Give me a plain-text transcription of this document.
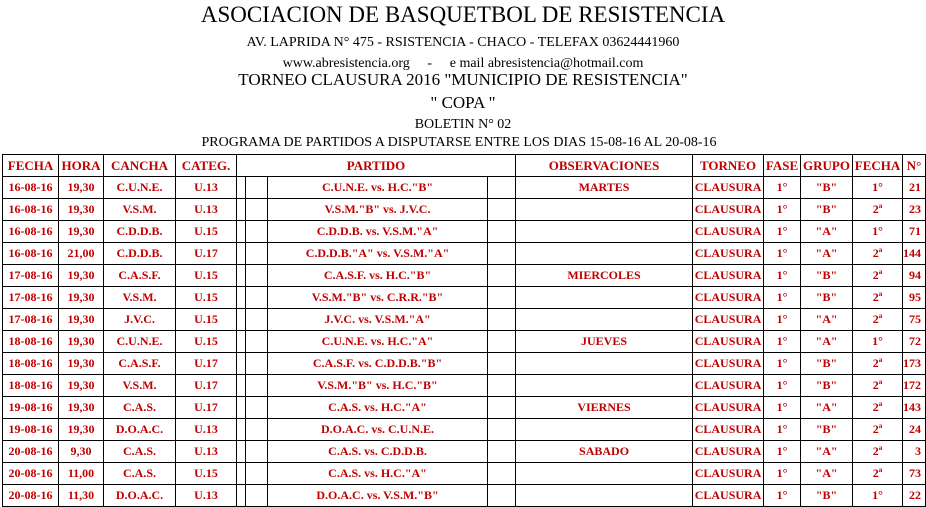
ASOCIACION DE BASQUETBOL DE RESISTENCIA
AV. LAPRIDA N° 475 - RSISTENCIA - CHACO - TELEFAX 03624441960
www.abresistencia.org - e mail abresistencia@hotmail.com
TORNEO CLAUSURA 2016 "MUNICIPIO DE RESISTENCIA"
" COPA "
BOLETIN N° 02
PROGRAMA DE PARTIDOS A DISPUTARSE ENTRE LOS DIAS 15-08-16 AL 20-08-16
FECHA	HORA	CANCHA	CATEG.	PARTIDO				OBSERVACIONES	TORNEO	FASE	GRUPO	FECHA	N°
16-08-16	19,30	C.U.N.E.	U.13			C.U.N.E. vs. H.C."B"		MARTES	CLAUSURA	1°	"B"	1°	21
16-08-16	19,30	V.S.M.	U.13			V.S.M."B" vs. J.V.C.			CLAUSURA	1°	"B"	2ª	23
16-08-16	19,30	C.D.D.B.	U.15			C.D.D.B. vs. V.S.M."A"			CLAUSURA	1°	"A"	1°	71
16-08-16	21,00	C.D.D.B.	U.17			C.D.D.B."A" vs. V.S.M."A"			CLAUSURA	1°	"A"	2ª	144
17-08-16	19,30	C.A.S.F.	U.15			C.A.S.F. vs. H.C."B"		MIERCOLES	CLAUSURA	1°	"B"	2ª	94
17-08-16	19,30	V.S.M.	U.15			V.S.M."B" vs. C.R.R."B"			CLAUSURA	1°	"B"	2ª	95
17-08-16	19,30	J.V.C.	U.15			J.V.C. vs. V.S.M."A"			CLAUSURA	1°	"A"	2ª	75
18-08-16	19,30	C.U.N.E.	U.15			C.U.N.E. vs. H.C."A"		JUEVES	CLAUSURA	1°	"A"	1°	72
18-08-16	19,30	C.A.S.F.	U.17			C.A.S.F. vs. C.D.D.B."B"			CLAUSURA	1°	"B"	2ª	173
18-08-16	19,30	V.S.M.	U.17			V.S.M."B" vs. H.C."B"			CLAUSURA	1°	"B"	2ª	172
19-08-16	19,30	C.A.S.	U.17			C.A.S. vs. H.C."A"		VIERNES	CLAUSURA	1°	"A"	2ª	143
19-08-16	19,30	D.O.A.C.	U.13			D.O.A.C. vs. C.U.N.E.			CLAUSURA	1°	"B"	2ª	24
20-08-16	9,30	C.A.S.	U.13			C.A.S. vs. C.D.D.B.		SABADO	CLAUSURA	1°	"A"	2ª	3
20-08-16	11,00	C.A.S.	U.15			C.A.S. vs. H.C."A"			CLAUSURA	1°	"A"	2ª	73
20-08-16	11,30	D.O.A.C.	U.13			D.O.A.C. vs. V.S.M."B"			CLAUSURA	1°	"B"	1°	22
